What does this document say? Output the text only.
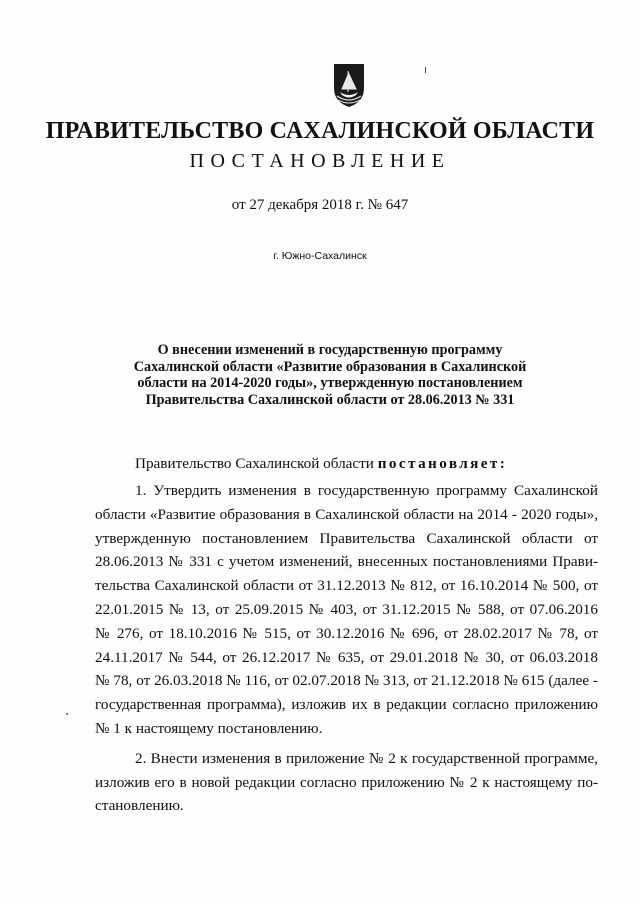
ПРАВИТЕЛЬСТВО САХАЛИНСКОЙ ОБЛАСТИ
ПОСТАНОВЛЕНИЕ
от 27 декабря 2018 г. № 647
г. Южно-Сахалинск
О внесении изменений в государственную программу
Сахалинской области «Развитие образования в Сахалинской
области на 2014-2020 годы», утвержденную постановлением
Правительства Сахалинской области от 28.06.2013 № 331
Правительство Сахалинской области постановляет:
1. Утвердить изменения в государственную программу Сахалинской
области «Развитие образования в Сахалинской области на 2014 - 2020 годы»,
утвержденную постановлением Правительства Сахалинской области от
28.06.2013 № 331 с учетом изменений, внесенных постановлениями Прави-
тельства Сахалинской области от 31.12.2013 № 812, от 16.10.2014 № 500, от
22.01.2015 № 13, от 25.09.2015 № 403, от 31.12.2015 № 588, от 07.06.2016
№ 276, от 18.10.2016 № 515, от 30.12.2016 № 696, от 28.02.2017 № 78, от
24.11.2017 № 544, от 26.12.2017 № 635, от 29.01.2018 № 30, от 06.03.2018
№ 78, от 26.03.2018 № 116, от 02.07.2018 № 313, от 21.12.2018 № 615 (далее -
государственная программа), изложив их в редакции согласно приложению
№ 1 к настоящему постановлению.
2. Внести изменения в приложение № 2 к государственной программе,
изложив его в новой редакции согласно приложению № 2 к настоящему по-
становлению.
